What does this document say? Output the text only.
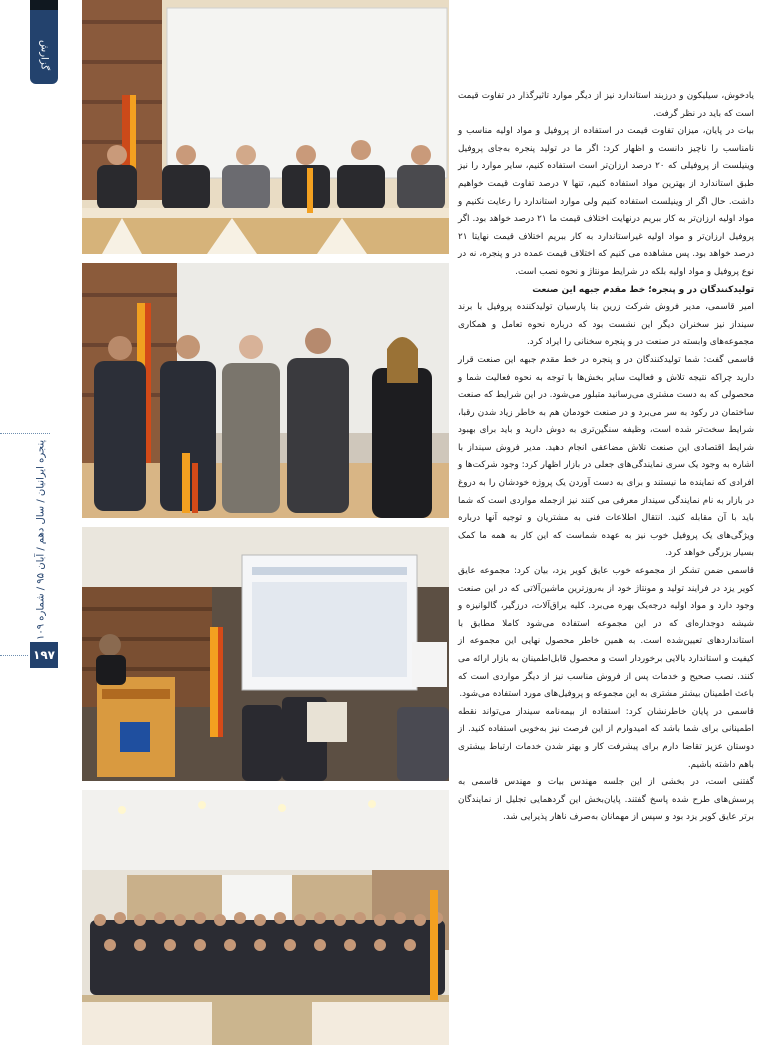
گزارش
پنجره ایرانیان / سال دهم / آبان ۹۵ / شماره ۱۰۹
۱۹۷

یادخوش، سیلیکون و درزبند استاندارد نیز از دیگر موارد تاثیرگذار در تفاوت قیمت است که باید در نظر گرفت.

بیات در پایان، میزان تفاوت قیمت در استفاده از پروفیل و مواد اولیه مناسب و نامناسب را ناچیز دانست و اظهار کرد: اگر ما در تولید پنجره به‌جای پروفیل وینیلست از پروفیلی که ۲۰ درصد ارزان‌تر است استفاده کنیم، سایر موارد را نیز طبق استاندارد از بهترین مواد استفاده کنیم، تنها ۷ درصد تفاوت قیمت خواهیم داشت. حال اگر از وینیلست استفاده کنیم ولی موارد استاندارد را رعایت نکنیم و مواد اولیه ارزان‌تر به کار ببریم درنهایت اختلاف قیمت ما ۲۱ درصد خواهد بود. اگر پروفیل ارزان‌تر و مواد اولیه غیراستاندارد به کار ببریم اختلاف قیمت نهایتا ۲۱ درصد خواهد بود. پس مشاهده می کنیم که اختلاف قیمت عمده در و پنجره، نه در نوع پروفیل و مواد اولیه بلکه در شرایط مونتاژ و نحوه نصب است.

تولیدکنندگان در و پنجره؛ خط مقدم جبهه این صنعت

امیر قاسمی، مدیر فروش شرکت زرین بنا پارسیان تولیدکننده پروفیل با برند سینداز نیز سخنران دیگر این نشست بود که درباره نحوه تعامل و همکاری مجموعه‌های وابسته در صنعت در و پنجره سخنانی را ایراد کرد.

قاسمی گفت: شما تولیدکنندگان در و پنجره در خط مقدم جبهه این صنعت قرار دارید چراکه نتیجه تلاش و فعالیت سایر بخش‌ها با توجه به نحوه فعالیت شما و محصولی که به دست مشتری می‌رسانید متبلور می‌شود. در این شرایط که صنعت ساختمان در رکود به سر می‌برد و در صنعت خودمان هم به خاطر زیاد شدن رقبا، شرایط سخت‌تر شده است، وظیفه سنگین‌تری به دوش دارید و باید برای بهبود شرایط اقتصادی این صنعت تلاش مضاعفی انجام دهید. مدیر فروش سینداز با اشاره به وجود یک سری نمایندگی‌های جعلی در بازار اظهار کرد: وجود شرکت‌ها و افرادی که نماینده ما نیستند و برای به دست آوردن یک پروژه خودشان را به دروغ در بازار به نام نمایندگی سینداز معرفی می کنند نیز ازجمله مواردی است که شما باید با آن مقابله کنید. انتقال اطلاعات فنی به مشتریان و توجیه آنها درباره ویژگی‌های یک پروفیل خوب نیز به عهده شماست که این کار به همه ما کمک بسیار بزرگی خواهد کرد.

قاسمی ضمن تشکر از مجموعه خوب عایق کویر یزد، بیان کرد: مجموعه عایق کویر یزد در فرایند تولید و مونتاژ خود از به‌روزترین ماشین‌آلاتی که در این صنعت وجود دارد و مواد اولیه درجه‌یک بهره می‌برد. کلیه یراق‌آلات، درزگیر، گالوانیزه و شیشه دوجداره‌ای که در این مجموعه استفاده می‌شود کاملا مطابق با استانداردهای تعیین‌شده است. به همین خاطر محصول نهایی این مجموعه از کیفیت و استاندارد بالایی برخوردار است و محصول قابل‌اطمینان به بازار ارائه می کنند. نصب صحیح و خدمات پس از فروش مناسب نیز از دیگر مواردی است که باعث اطمینان بیشتر مشتری به این مجموعه و پروفیل‌های مورد استفاده می‌شود.

قاسمی در پایان خاطرنشان کرد: استفاده از بیمه‌نامه سینداز می‌تواند نقطه اطمینانی برای شما باشد که امیدوارم از این فرصت نیز به‌خوبی استفاده کنید. از دوستان عزیز تقاضا دارم برای پیشرفت کار و بهتر شدن خدمات ارتباط بیشتری باهم داشته باشیم.

گفتنی است، در بخشی از این جلسه مهندس بیات و مهندس قاسمی به پرسش‌های طرح شده پاسخ گفتند. پایان‌بخش این گردهمایی تجلیل از نمایندگان برتر عایق کویر یزد بود و سپس از مهمانان به‌صرف ناهار پذیرایی شد.
